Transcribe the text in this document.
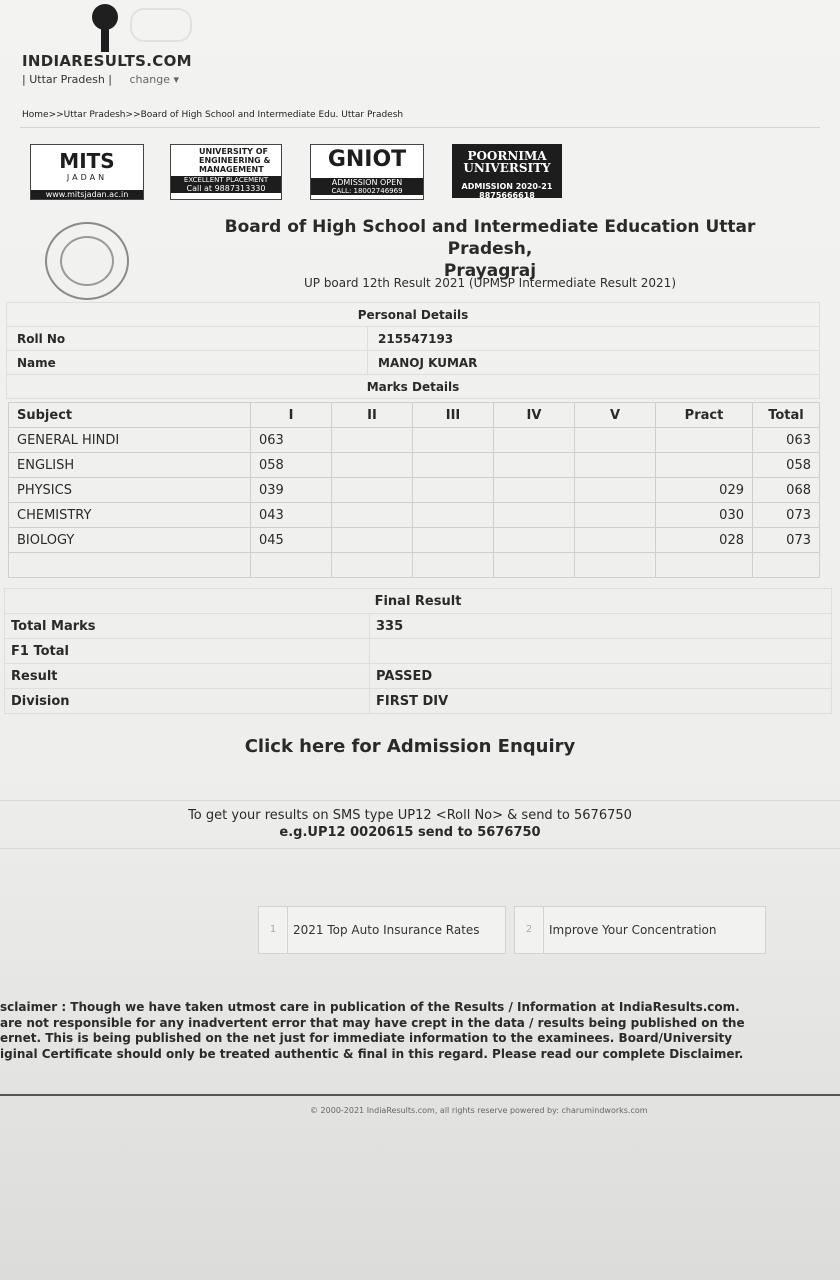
INDIARESULTS.COM
| Uttar Pradesh | change ▾
Home>>Uttar Pradesh>>Board of High School and Intermediate Edu. Uttar Pradesh
MITS
JADAN
www.mitsjadan.ac.in
UNIVERSITY OF ENGINEERING & MANAGEMENT
EXCELLENT PLACEMENT
Call at 9887313330
GNIOT
ADMISSION OPEN
CALL: 18002746969
POORNIMA UNIVERSITY
ADMISSION 2020-21
8875666618
Board of High School and Intermediate Education Uttar Pradesh,
Prayagraj
UP board 12th Result 2021 (UPMSP Intermediate Result 2021)
Personal Details	
Roll No	215547193
Name	MANOJ KUMAR
Marks Details	
Subject	I	II	III	IV	V	Pract	Total
GENERAL HINDI	063						063
ENGLISH	058						058
PHYSICS	039					029	068
CHEMISTRY	043					030	073
BIOLOGY	045					028	073

Final Result	
Total Marks	335
F1 Total	
Result	PASSED
Division	FIRST DIV
Click here for Admission Enquiry
To get your results on SMS type UP12 <Roll No> & send to 5676750
e.g.UP12 0020615 send to 5676750
1	2021 Top Auto Insurance Rates	2	Improve Your Concentration
sclaimer : Though we have taken utmost care in publication of the Results / Information at IndiaResults.com.
are not responsible for any inadvertent error that may have crept in the data / results being published on the
ernet. This is being published on the net just for immediate information to the examinees. Board/University
iginal Certificate should only be treated authentic & final in this regard. Please read our complete Disclaimer.
© 2000-2021 IndiaResults.com, all rights reserve powered by: charumindworks.com
